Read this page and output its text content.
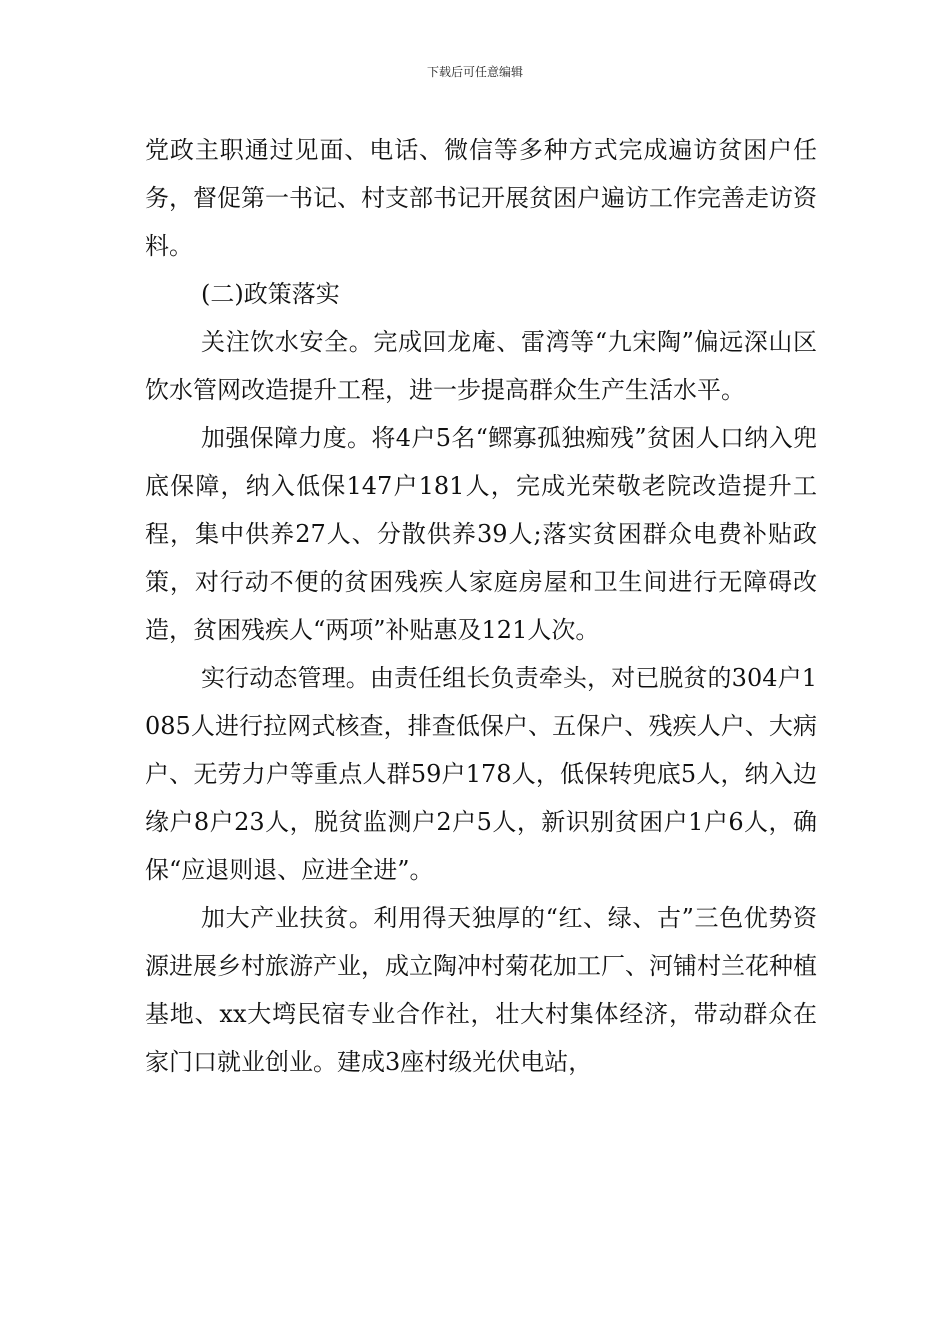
下载后可任意编辑

党政主职通过见面、电话、微信等多种方式完成遍访贫困户任务，督促第一书记、村支部书记开展贫困户遍访工作完善走访资料。

(二)政策落实

关注饮水安全。完成回龙庵、雷湾等“九宋陶”偏远深山区饮水管网改造提升工程，进一步提高群众生产生活水平。

加强保障力度。将4户5名“鳏寡孤独痴残”贫困人口纳入兜底保障，纳入低保147户181人，完成光荣敬老院改造提升工程，集中供养27人、分散供养39人;落实贫困群众电费补贴政策，对行动不便的贫困残疾人家庭房屋和卫生间进行无障碍改造，贫困残疾人“两项”补贴惠及121人次。

实行动态管理。由责任组长负责牵头，对已脱贫的304户1085人进行拉网式核查，排查低保户、五保户、残疾人户、大病户、无劳力户等重点人群59户178人，低保转兜底5人，纳入边缘户8户23人，脱贫监测户2户5人，新识别贫困户1户6人，确保“应退则退、应进全进”。

加大产业扶贫。利用得天独厚的“红、绿、古”三色优势资源进展乡村旅游产业，成立陶冲村菊花加工厂、河铺村兰花种植基地、xx大塆民宿专业合作社，壮大村集体经济，带动群众在家门口就业创业。建成3座村级光伏电站，
